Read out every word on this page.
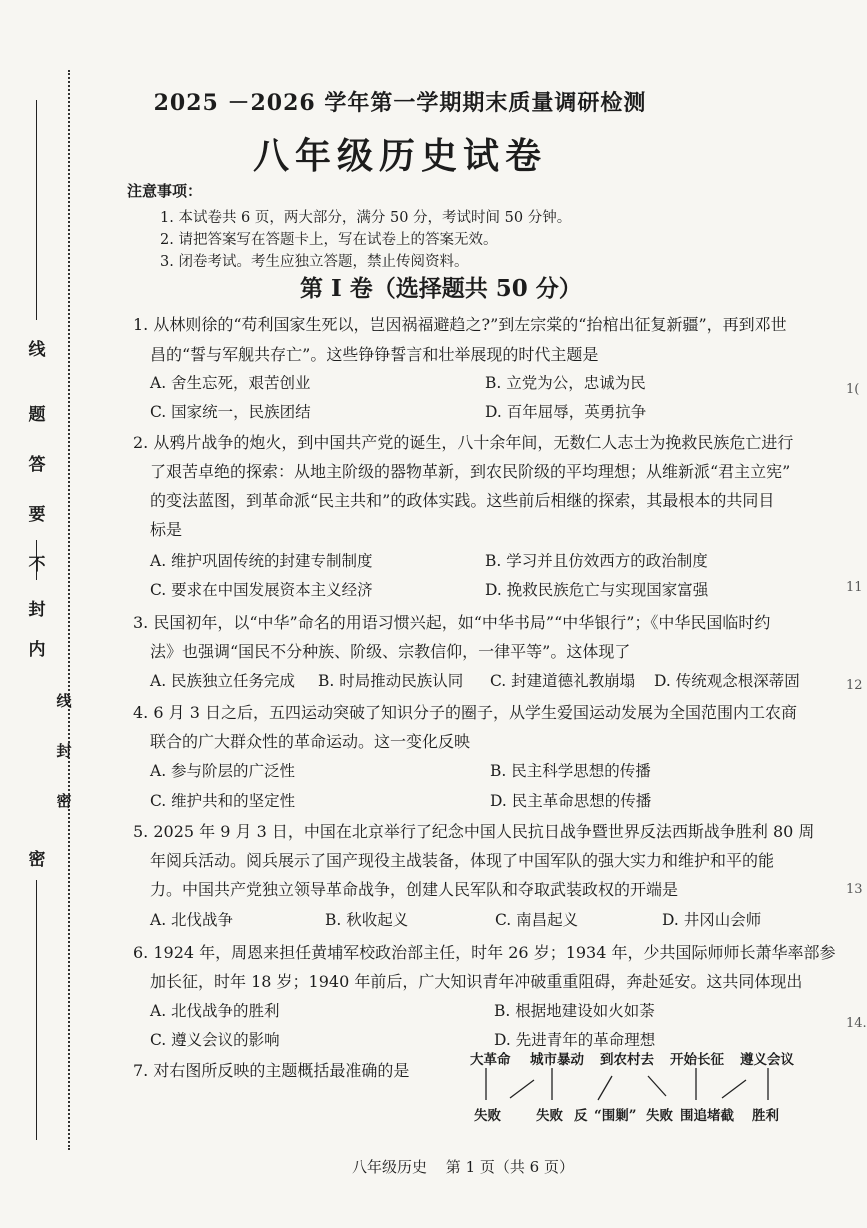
线
题
答
要
不
内
封
密
线
封
密
1(
11
12
13
14.
2025 －2026 学年第一学期期末质量调研检测
八年级历史试卷
注意事项：
1. 本试卷共 6 页，两大部分，满分 50 分，考试时间 50 分钟。
2. 请把答案写在答题卡上，写在试卷上的答案无效。
3. 闭卷考试。考生应独立答题，禁止传阅资料。
第 I 卷（选择题共 50 分）
1. 从林则徐的“苟利国家生死以，岂因祸福避趋之?”到左宗棠的“抬棺出征复新疆”，再到邓世
昌的“誓与军舰共存亡”。这些铮铮誓言和壮举展现的时代主题是
A. 舍生忘死，艰苦创业	B. 立党为公，忠诚为民
C. 国家统一，民族团结	D. 百年屈辱，英勇抗争
2. 从鸦片战争的炮火，到中国共产党的诞生，八十余年间，无数仁人志士为挽救民族危亡进行
了艰苦卓绝的探索：从地主阶级的器物革新，到农民阶级的平均理想；从维新派“君主立宪”
的变法蓝图，到革命派“民主共和”的政体实践。这些前后相继的探索，其最根本的共同目
标是
A. 维护巩固传统的封建专制制度	B. 学习并且仿效西方的政治制度
C. 要求在中国发展资本主义经济	D. 挽救民族危亡与实现国家富强
3. 民国初年，以“中华”命名的用语习惯兴起，如“中华书局”“中华银行”；《中华民国临时约
法》也强调“国民不分种族、阶级、宗教信仰，一律平等”。这体现了
A. 民族独立任务完成 B. 时局推动民族认同 C. 封建道德礼教崩塌 D. 传统观念根深蒂固
4. 6 月 3 日之后，五四运动突破了知识分子的圈子，从学生爱国运动发展为全国范围内工农商
联合的广大群众性的革命运动。这一变化反映
A. 参与阶层的广泛性	B. 民主科学思想的传播
C. 维护共和的坚定性	D. 民主革命思想的传播
5. 2025 年 9 月 3 日，中国在北京举行了纪念中国人民抗日战争暨世界反法西斯战争胜利 80 周
年阅兵活动。阅兵展示了国产现役主战装备，体现了中国军队的强大实力和维护和平的能
力。中国共产党独立领导革命战争，创建人民军队和夺取武装政权的开端是
A. 北伐战争	B. 秋收起义	C. 南昌起义	D. 井冈山会师
6. 1924 年，周恩来担任黄埔军校政治部主任，时年 26 岁；1934 年，少共国际师师长萧华率部参
加长征，时年 18 岁；1940 年前后，广大知识青年冲破重重阻碍，奔赴延安。这共同体现出
A. 北伐战争的胜利	B. 根据地建设如火如荼
C. 遵义会议的影响	D. 先进青年的革命理想
7. 对右图所反映的主题概括最准确的是
大革命 城市暴动 到农村去 开始长征 遵义会议
失败	失败 反 “围剿” 失败 围追堵截 胜利
八年级历史 第 1 页（共 6 页）
